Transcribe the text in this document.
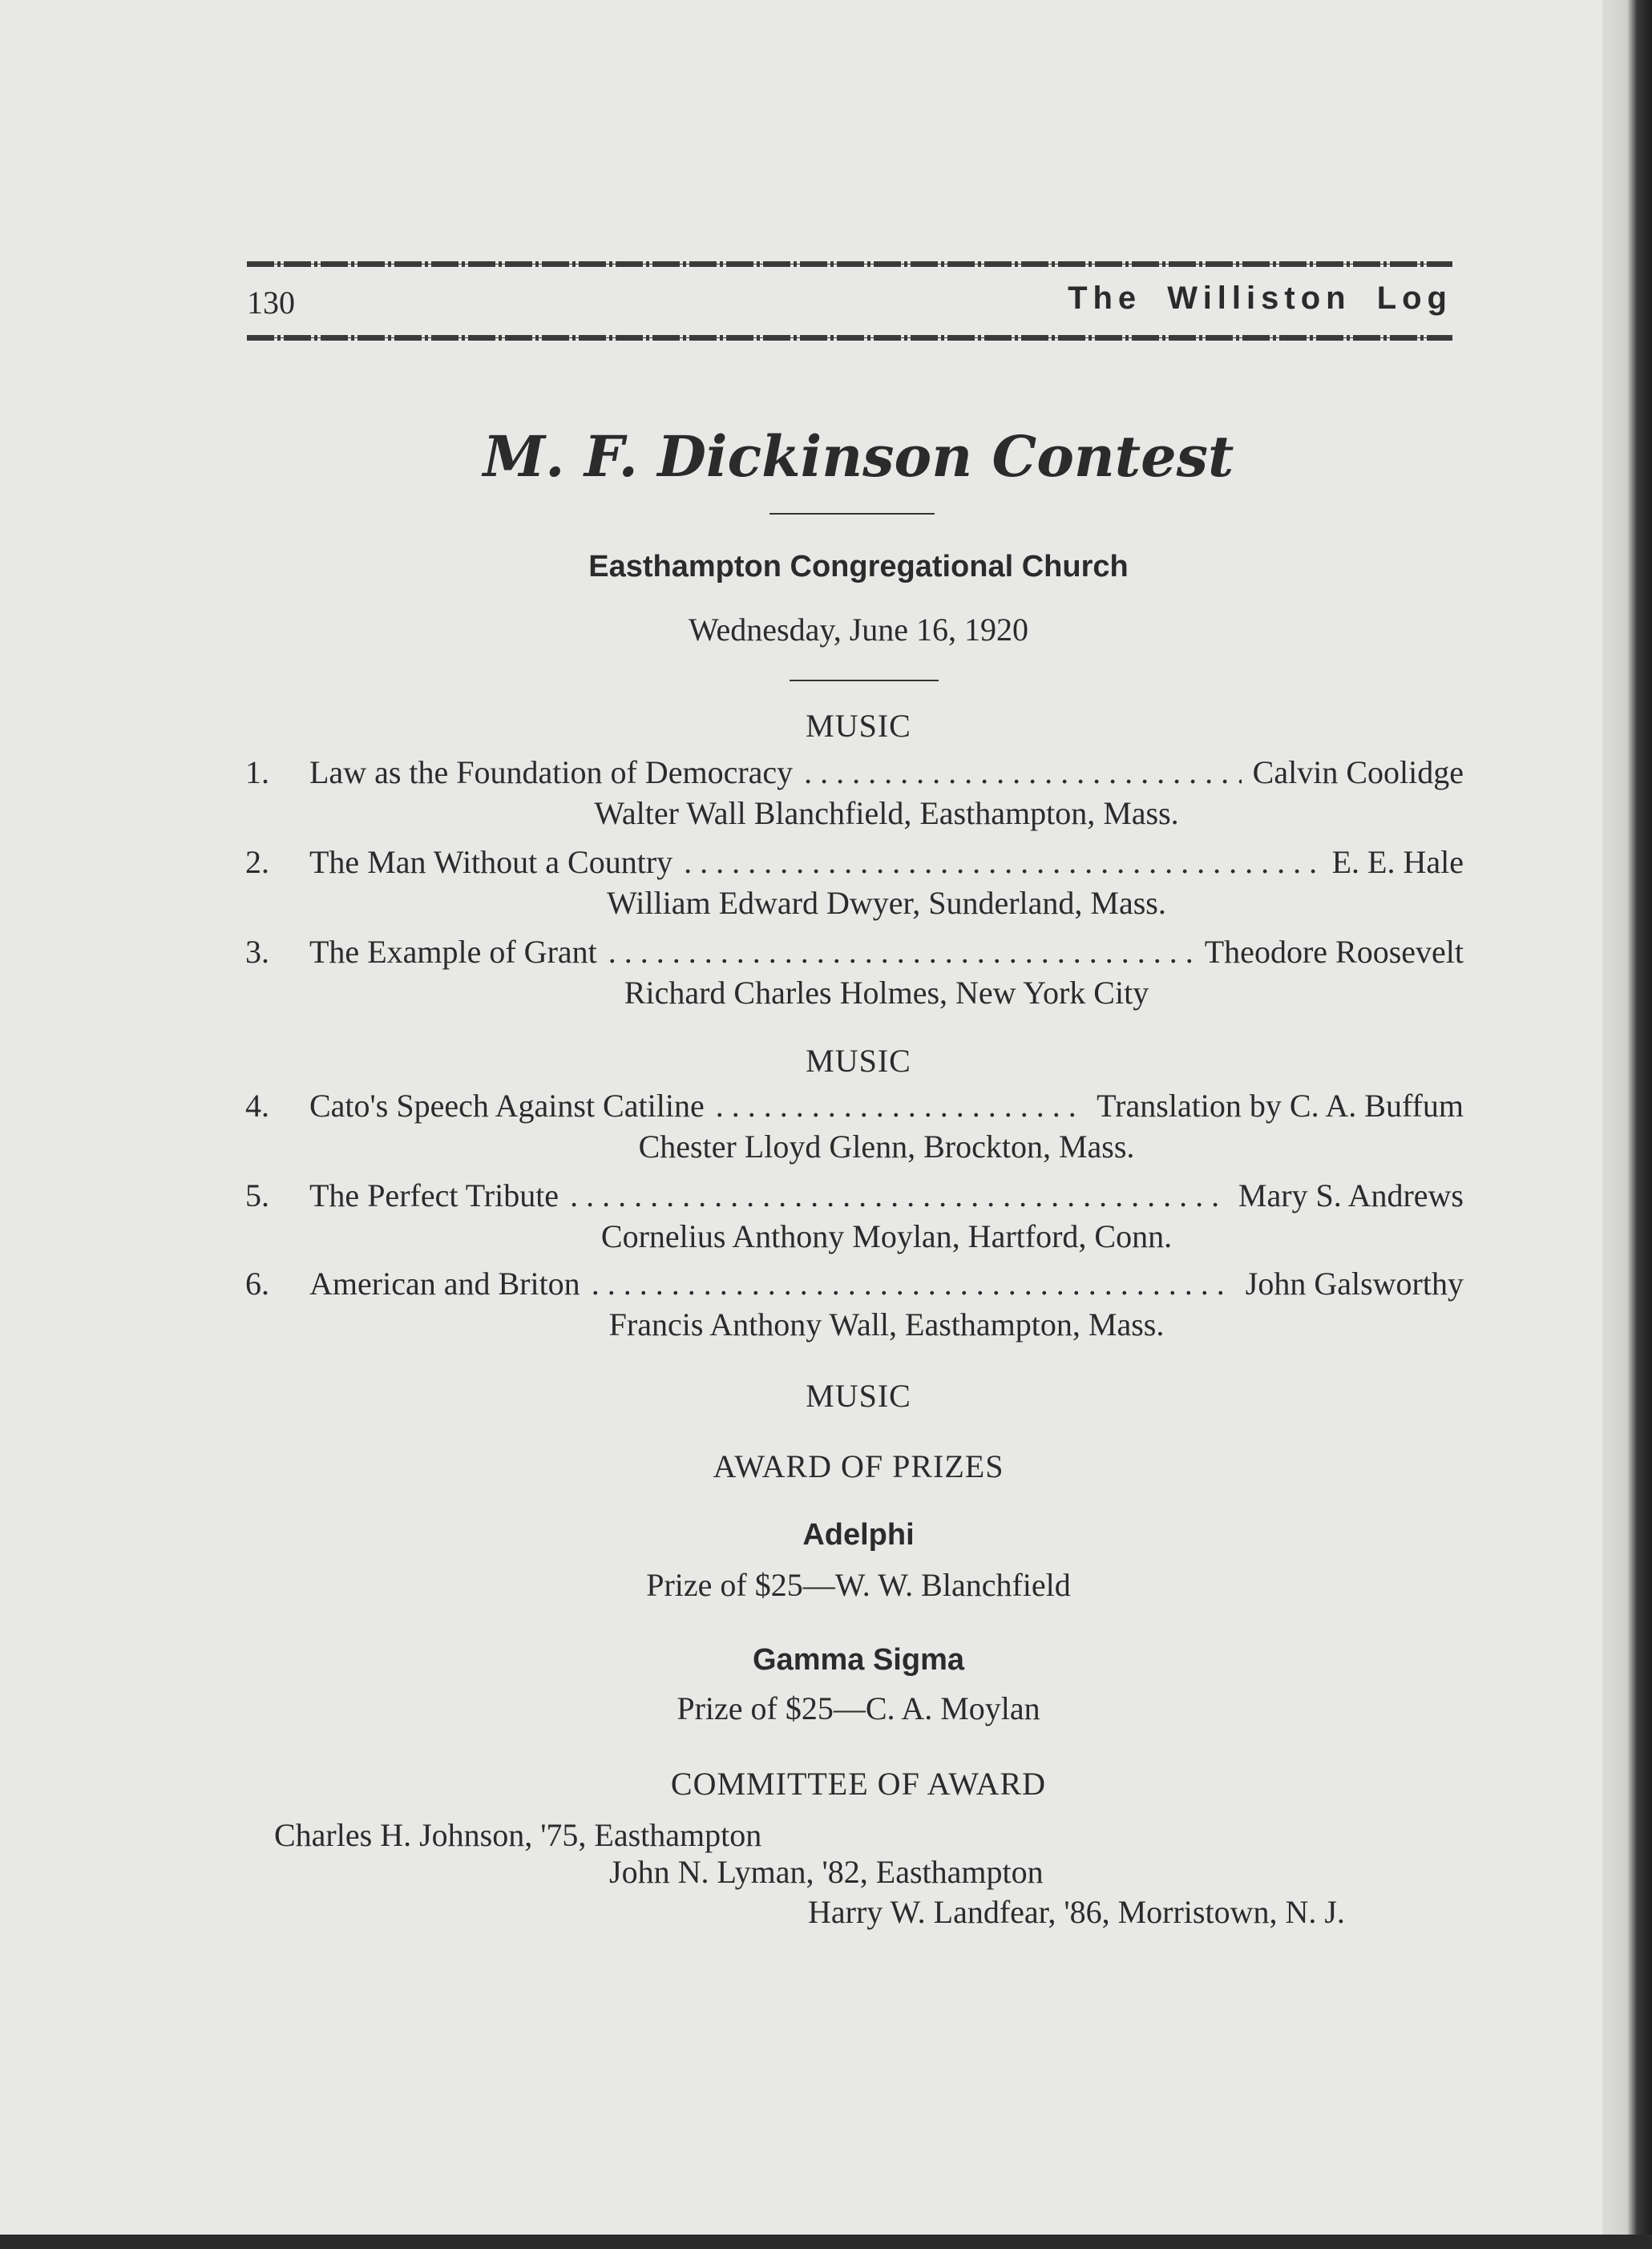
130	The Williston Log
M. F. Dickinson Contest
Easthampton Congregational Church
Wednesday, June 16, 1920
MUSIC
1.	Law as the Foundation of Democracy . . .	Calvin Coolidge
Walter Wall Blanchfield, Easthampton, Mass.
2.	The Man Without a Country . . .	E. E. Hale
William Edward Dwyer, Sunderland, Mass.
3.	The Example of Grant . . .	Theodore Roosevelt
Richard Charles Holmes, New York City
MUSIC
4.	Cato's Speech Against Catiline . . .	Translation by C. A. Buffum
Chester Lloyd Glenn, Brockton, Mass.
5.	The Perfect Tribute . . .	Mary S. Andrews
Cornelius Anthony Moylan, Hartford, Conn.
6.	American and Briton . . .	John Galsworthy
Francis Anthony Wall, Easthampton, Mass.
MUSIC
AWARD OF PRIZES
Adelphi
Prize of $25—W. W. Blanchfield
Gamma Sigma
Prize of $25—C. A. Moylan
COMMITTEE OF AWARD
Charles H. Johnson, '75, Easthampton
John N. Lyman, '82, Easthampton
Harry W. Landfear, '86, Morristown, N. J.
